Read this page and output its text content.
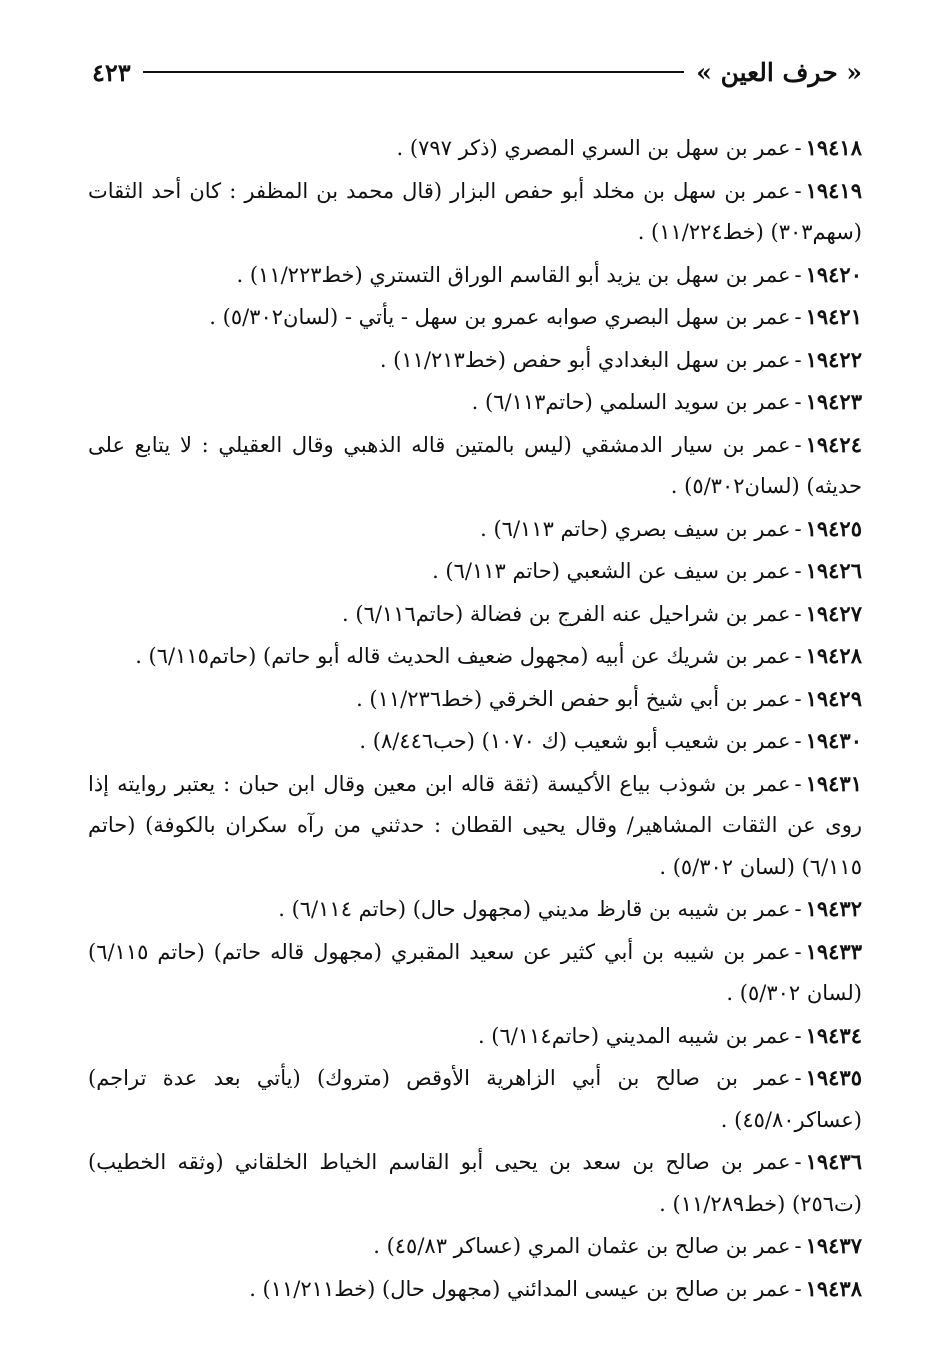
« حرف العين »
٤٢٣
١٩٤١٨-عمر بن سهل بن السري المصري (ذكر ٧٩٧) .
١٩٤١٩-عمر بن سهل بن مخلد أبو حفص البزار (قال محمد بن المظفر : كان أحد الثقات (سهم٣٠٣) (خط١١/٢٢٤) .
١٩٤٢٠-عمر بن سهل بن يزيد أبو القاسم الوراق التستري (خط١١/٢٢٣) .
١٩٤٢١-عمر بن سهل البصري صوابه عمرو بن سهل - يأتي - (لسان٥/٣٠٢) .
١٩٤٢٢-عمر بن سهل البغدادي أبو حفص (خط١١/٢١٣) .
١٩٤٢٣-عمر بن سويد السلمي (حاتم٦/١١٣) .
١٩٤٢٤-عمر بن سيار الدمشقي (ليس بالمتين قاله الذهبي وقال العقيلي : لا يتابع على حديثه) (لسان٥/٣٠٢) .
١٩٤٢٥-عمر بن سيف بصري (حاتم ٦/١١٣) .
١٩٤٢٦-عمر بن سيف عن الشعبي (حاتم ٦/١١٣) .
١٩٤٢٧-عمر بن شراحيل عنه الفرج بن فضالة (حاتم٦/١١٦) .
١٩٤٢٨-عمر بن شريك عن أبيه (مجهول ضعيف الحديث قاله أبو حاتم) (حاتم٦/١١٥) .
١٩٤٢٩-عمر بن أبي شيخ أبو حفص الخرقي (خط١١/٢٣٦) .
١٩٤٣٠-عمر بن شعيب أبو شعيب (ك ١٠٧٠) (حب٨/٤٤٦) .
١٩٤٣١-عمر بن شوذب بياع الأكيسة (ثقة قاله ابن معين وقال ابن حبان : يعتبر روايته إذا روى عن الثقات المشاهير/ وقال يحيى القطان : حدثني من رآه سكران بالكوفة) (حاتم ٦/١١٥) (لسان ٥/٣٠٢) .
١٩٤٣٢-عمر بن شيبه بن قارظ مديني (مجهول حال) (حاتم ٦/١١٤) .
١٩٤٣٣-عمر بن شيبه بن أبي كثير عن سعيد المقبري (مجهول قاله حاتم) (حاتم ٦/١١٥) (لسان ٥/٣٠٢) .
١٩٤٣٤-عمر بن شيبه المديني (حاتم٦/١١٤) .
١٩٤٣٥-عمر بن صالح بن أبي الزاهرية الأوقص (متروك) (يأتي بعد عدة تراجم) (عساكر٤٥/٨٠) .
١٩٤٣٦-عمر بن صالح بن سعد بن يحيى أبو القاسم الخياط الخلقاني (وثقه الخطيب) (ت٢٥٦) (خط١١/٢٨٩) .
١٩٤٣٧-عمر بن صالح بن عثمان المري (عساكر ٤٥/٨٣) .
١٩٤٣٨-عمر بن صالح بن عيسى المدائني (مجهول حال) (خط١١/٢١١) .
